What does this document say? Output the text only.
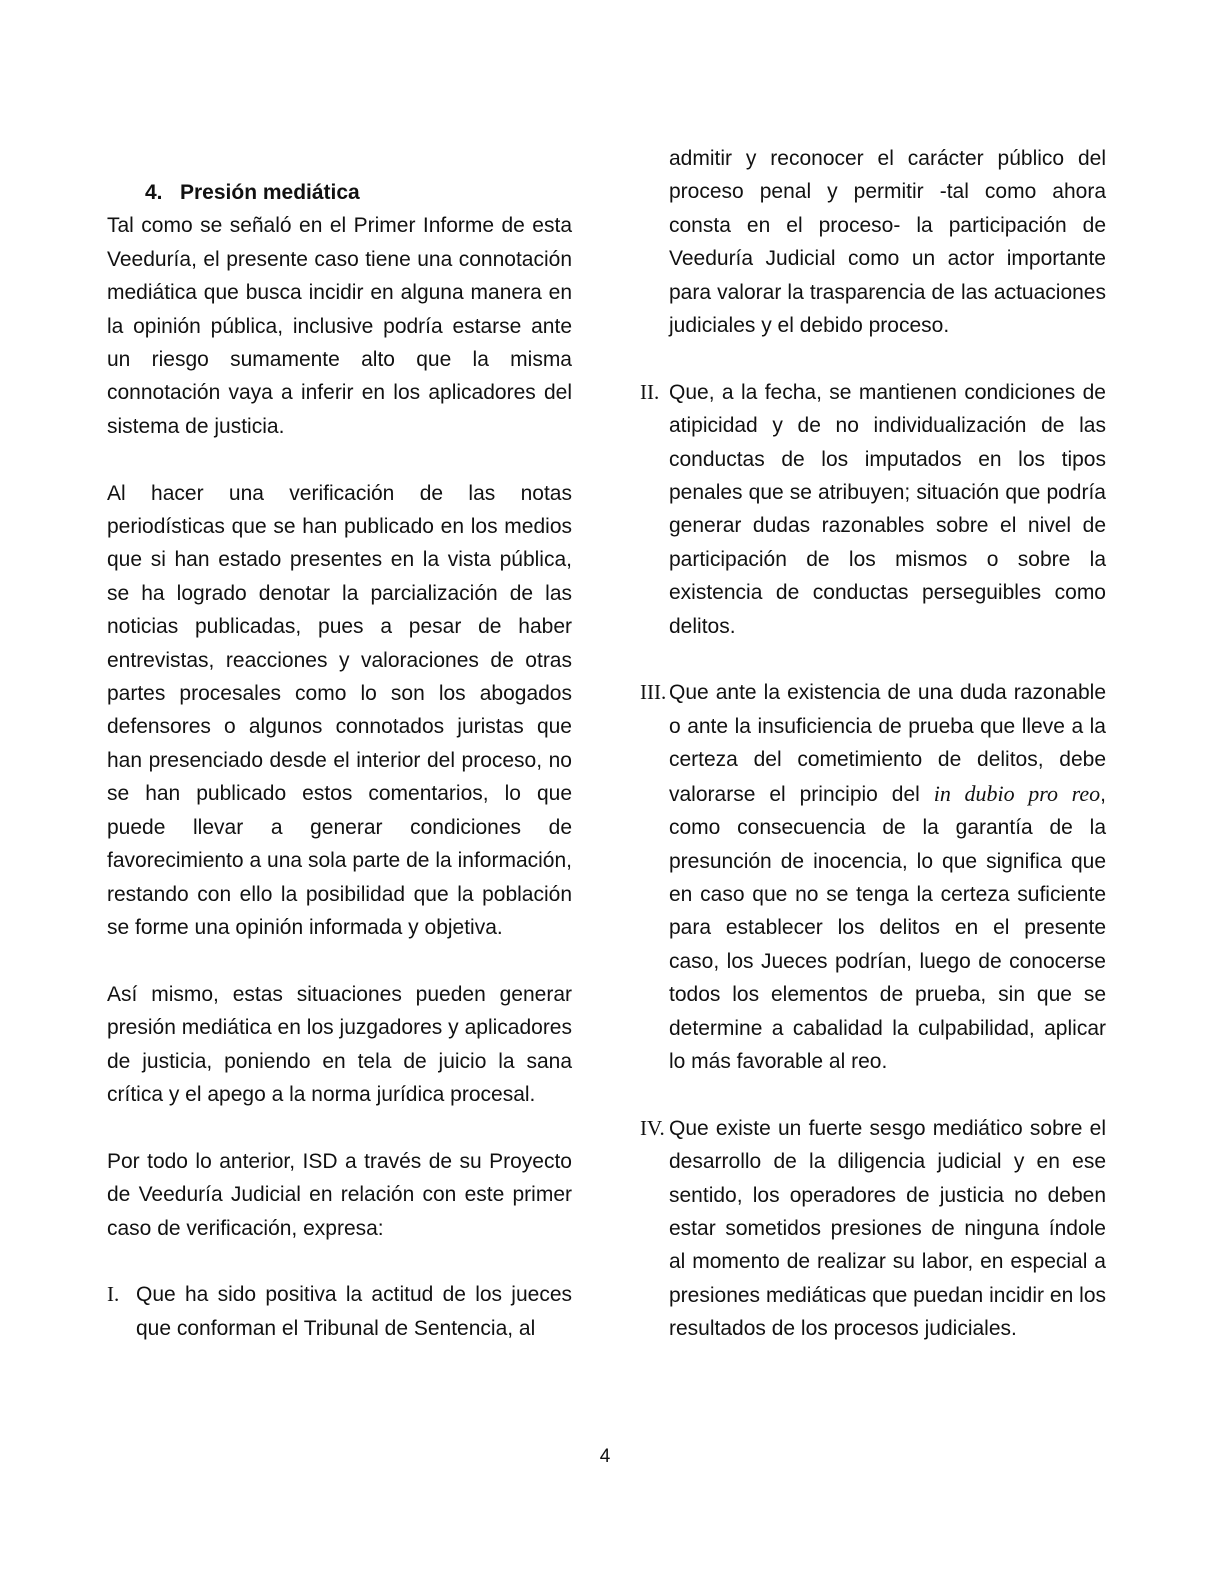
4. Presión mediática

Tal como se señaló en el Primer Informe de esta Veeduría, el presente caso tiene una connotación mediática que busca incidir en alguna manera en la opinión pública, inclusive podría estarse ante un riesgo sumamente alto que la misma connotación vaya a inferir en los aplicadores del sistema de justicia.

Al hacer una verificación de las notas periodísticas que se han publicado en los medios que si han estado presentes en la vista pública, se ha logrado denotar la parcialización de las noticias publicadas, pues a pesar de haber entrevistas, reacciones y valoraciones de otras partes procesales como lo son los abogados defensores o algunos connotados juristas que han presenciado desde el interior del proceso, no se han publicado estos comentarios, lo que puede llevar a generar condiciones de favorecimiento a una sola parte de la información, restando con ello la posibilidad que la población se forme una opinión informada y objetiva.

Así mismo, estas situaciones pueden generar presión mediática en los juzgadores y aplicadores de justicia, poniendo en tela de juicio la sana crítica y el apego a la norma jurídica procesal.

Por todo lo anterior, ISD a través de su Proyecto de Veeduría Judicial en relación con este primer caso de verificación, expresa:

I. Que ha sido positiva la actitud de los jueces que conforman el Tribunal de Sentencia, al
admitir y reconocer el carácter público del proceso penal y permitir -tal como ahora consta en el proceso- la participación de Veeduría Judicial como un actor importante para valorar la trasparencia de las actuaciones judiciales y el debido proceso.
II. Que, a la fecha, se mantienen condiciones de atipicidad y de no individualización de las conductas de los imputados en los tipos penales que se atribuyen; situación que podría generar dudas razonables sobre el nivel de participación de los mismos o sobre la existencia de conductas perseguibles como delitos.
III. Que ante la existencia de una duda razonable o ante la insuficiencia de prueba que lleve a la certeza del cometimiento de delitos, debe valorarse el principio del in dubio pro reo, como consecuencia de la garantía de la presunción de inocencia, lo que significa que en caso que no se tenga la certeza suficiente para establecer los delitos en el presente caso, los Jueces podrían, luego de conocerse todos los elementos de prueba, sin que se determine a cabalidad la culpabilidad, aplicar lo más favorable al reo.
IV. Que existe un fuerte sesgo mediático sobre el desarrollo de la diligencia judicial y en ese sentido, los operadores de justicia no deben estar sometidos presiones de ninguna índole al momento de realizar su labor, en especial a presiones mediáticas que puedan incidir en los resultados de los procesos judiciales.
4
